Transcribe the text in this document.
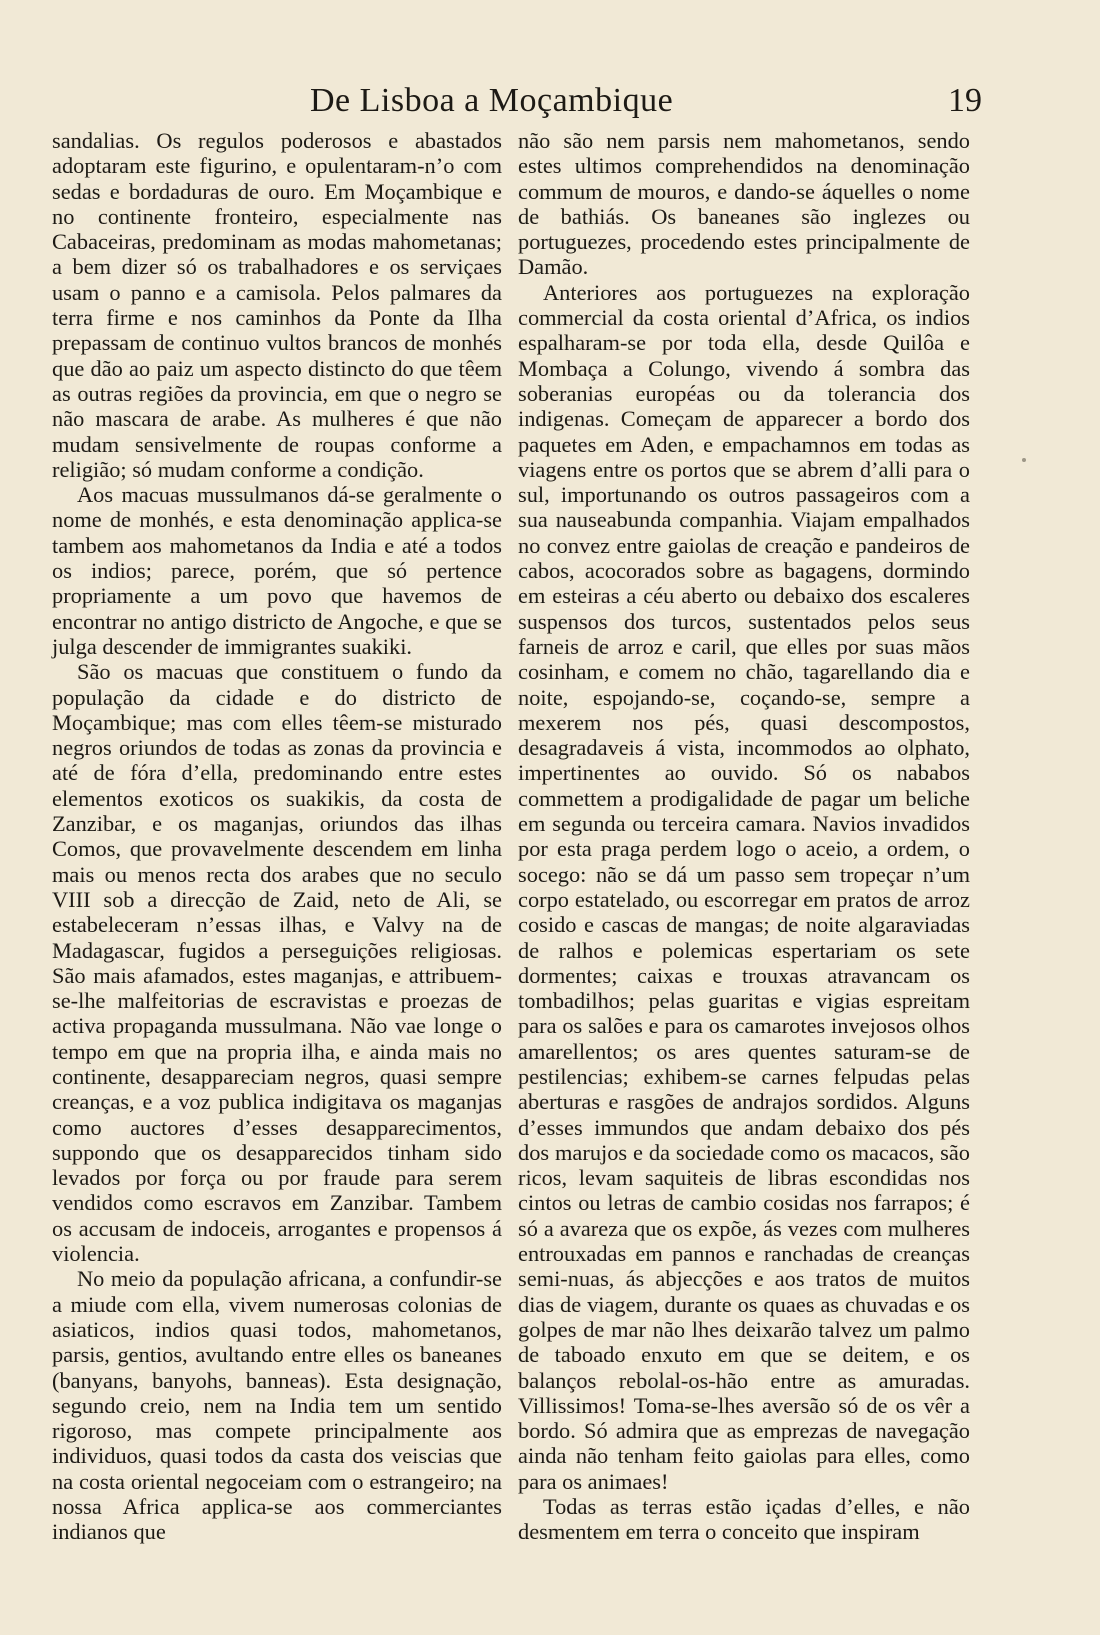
De Lisboa a Moçambique	19

sandalias. Os regulos poderosos e abastados adoptaram este figurino, e opulentaram-n’o com sedas e bordaduras de ouro. Em Moçambique e no continente fronteiro, especialmente nas Cabaceiras, predominam as modas mahometanas; a bem dizer só os trabalhadores e os serviçaes usam o panno e a camisola. Pelos palmares da terra firme e nos caminhos da Ponte da Ilha prepassam de continuo vultos brancos de monhés que dão ao paiz um aspecto distincto do que têem as outras regiões da provincia, em que o negro se não mascara de arabe. As mulheres é que não mudam sensivelmente de roupas conforme a religião; só mudam conforme a condição.

Aos macuas mussulmanos dá-se geralmente o nome de monhés, e esta denominação applica-se tambem aos mahometanos da India e até a todos os indios; parece, porém, que só pertence propriamente a um povo que havemos de encontrar no antigo districto de Angoche, e que se julga descender de immigrantes suakiki.

São os macuas que constituem o fundo da população da cidade e do districto de Moçambique; mas com elles têem-se misturado negros oriundos de todas as zonas da provincia e até de fóra d’ella, predominando entre estes elementos exoticos os suakikis, da costa de Zanzibar, e os maganjas, oriundos das ilhas Comos, que provavelmente descendem em linha mais ou menos recta dos arabes que no seculo VIII sob a direcção de Zaid, neto de Ali, se estabeleceram n’essas ilhas, e Valvy na de Madagascar, fugidos a perseguições religiosas. São mais afamados, estes maganjas, e attribuem-se-lhe malfeitorias de escravistas e proezas de activa propaganda mussulmana. Não vae longe o tempo em que na propria ilha, e ainda mais no continente, desappareciam negros, quasi sempre creanças, e a voz publica indigitava os maganjas como auctores d’esses desapparecimentos, suppondo que os desapparecidos tinham sido levados por força ou por fraude para serem vendidos como escravos em Zanzibar. Tambem os accusam de indoceis, arrogantes e propensos á violencia.

No meio da população africana, a confundir-se a miude com ella, vivem numerosas colonias de asiaticos, indios quasi todos, mahometanos, parsis, gentios, avultando entre elles os baneanes (banyans, banyohs, banneas). Esta designação, segundo creio, nem na India tem um sentido rigoroso, mas compete principalmente aos individuos, quasi todos da casta dos veiscias que na costa oriental negoceiam com o estrangeiro; na nossa Africa applica-se aos commerciantes indianos que

não são nem parsis nem mahometanos, sendo estes ultimos comprehendidos na denominação commum de mouros, e dando-se áquelles o nome de bathiás. Os baneanes são inglezes ou portuguezes, procedendo estes principalmente de Damão.

Anteriores aos portuguezes na exploração commercial da costa oriental d’Africa, os indios espalharam-se por toda ella, desde Quilôa e Mombaça a Colungo, vivendo á sombra das soberanias européas ou da tolerancia dos indigenas. Começam de apparecer a bordo dos paquetes em Aden, e empachamnos em todas as viagens entre os portos que se abrem d’alli para o sul, importunando os outros passageiros com a sua nauseabunda companhia. Viajam empalhados no convez entre gaiolas de creação e pandeiros de cabos, acocorados sobre as bagagens, dormindo em esteiras a céu aberto ou debaixo dos escaleres suspensos dos turcos, sustentados pelos seus farneis de arroz e caril, que elles por suas mãos cosinham, e comem no chão, tagarellando dia e noite, espojando-se, coçando-se, sempre a mexerem nos pés, quasi descompostos, desagradaveis á vista, incommodos ao olphato, impertinentes ao ouvido. Só os nababos commettem a prodigalidade de pagar um beliche em segunda ou terceira camara. Navios invadidos por esta praga perdem logo o aceio, a ordem, o socego: não se dá um passo sem tropeçar n’um corpo estatelado, ou escorregar em pratos de arroz cosido e cascas de mangas; de noite algaraviadas de ralhos e polemicas espertariam os sete dormentes; caixas e trouxas atravancam os tombadilhos; pelas guaritas e vigias espreitam para os salões e para os camarotes invejosos olhos amarellentos; os ares quentes saturam-se de pestilencias; exhibem-se carnes felpudas pelas aberturas e rasgões de andrajos sordidos. Alguns d’esses immundos que andam debaixo dos pés dos marujos e da sociedade como os macacos, são ricos, levam saquiteis de libras escondidas nos cintos ou letras de cambio cosidas nos farrapos; é só a avareza que os expõe, ás vezes com mulheres entrouxadas em pannos e ranchadas de creanças semi-nuas, ás abjecções e aos tratos de muitos dias de viagem, durante os quaes as chuvadas e os golpes de mar não lhes deixarão talvez um palmo de taboado enxuto em que se deitem, e os balanços rebolal-os-hão entre as amuradas. Villissimos! Toma-se-lhes aversão só de os vêr a bordo. Só admira que as emprezas de navegação ainda não tenham feito gaiolas para elles, como para os animaes!

Todas as terras estão içadas d’elles, e não desmentem em terra o conceito que inspiram
